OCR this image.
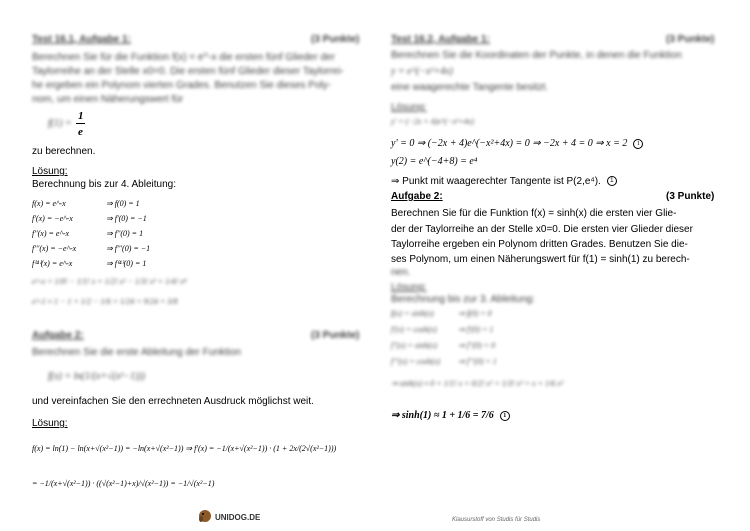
Test 16.1, Aufgabe 1:	(3 Punkte)
Berechnen Sie für die Funktion f(x) = e^-x die ersten fünf Glieder der
Taylorreihe an der Stelle x0=0. Die ersten fünf Glieder dieser Taylorrei-
he ergeben ein Polynom vierten Grades. Benutzen Sie dieses Poly-
nom, um einen Näherungswert für
f(1) =
1
e
zu berechnen.
Lösung:
Berechnung bis zur 4. Ableitung:
f(x) = e^-x	⇒ f(0) = 1
f'(x) = −e^-x	⇒ f'(0) = −1
f''(x) = e^-x	⇒ f''(0) = 1
f'''(x) = −e^-x	⇒ f'''(0) = −1
f⁽⁴⁾(x) = e^-x	⇒ f⁽⁴⁾(0) = 1
e^-x = 1/0! − 1/1! x + 1/2! x² − 1/3! x³ + 1/4! x⁴
e^-1 ≈ 1 − 1 + 1/2 − 1/6 + 1/24 = 9/24 = 3/8
Aufgabe 2:	(3 Punkte)
Berechnen Sie die erste Ableitung der Funktion
f(x) = ln(1/(x+√(x²−1)))
und vereinfachen Sie den errechneten Ausdruck möglichst weit.
Lösung:
f(x) = ln(1) − ln(x+√(x²−1)) = −ln(x+√(x²−1)) ⇒ f'(x) = −1/(x+√(x²−1)) · (1 + 2x/(2√(x²−1)))
= −1/(x+√(x²−1)) · ((√(x²−1)+x)/√(x²−1)) = −1/√(x²−1)
Test 16.2, Aufgabe 1:	(3 Punkte)
Berechnen Sie die Koordinaten der Punkte, in denen die Funktion
y = e^(−x²+4x)
eine waagerechte Tangente besitzt.
Lösung:
y' = (−2x + 4)e^(−x²+4x)
y' = 0 ⇒ (−2x + 4)e^(−x²+4x) = 0 ⇒ −2x + 4 = 0 ⇒ x = 2 1
y(2) = e^(−4+8) = e⁴
⇒ Punkt mit waagerechter Tangente ist P(2,e⁴). 1
Aufgabe 2:	(3 Punkte)
Berechnen Sie für die Funktion f(x) = sinh(x) die ersten vier Glie-
der der Taylorreihe an der Stelle x0=0. Die ersten vier Glieder dieser
Taylorreihe ergeben ein Polynom dritten Grades. Benutzen Sie die-
ses Polynom, um einen Näherungswert für f(1) = sinh(1) zu berech-
nen.
Lösung:
Berechnung bis zur 3. Ableitung:
f(x) = sinh(x)	⇒ f(0) = 0
f'(x) = cosh(x)	⇒ f'(0) = 1
f''(x) = sinh(x)	⇒ f''(0) = 0
f'''(x) = cosh(x) ⇒ f'''(0) = 1
⇒ sinh(x) ≈ 0 + 1/1! x + 0/2! x² + 1/3! x³ = x + 1/6 x³
⇒ sinh(1) ≈ 1 + 1/6 = 7/6 1
UNIDOG.DE	Klausurstoff von Studis für Studis
